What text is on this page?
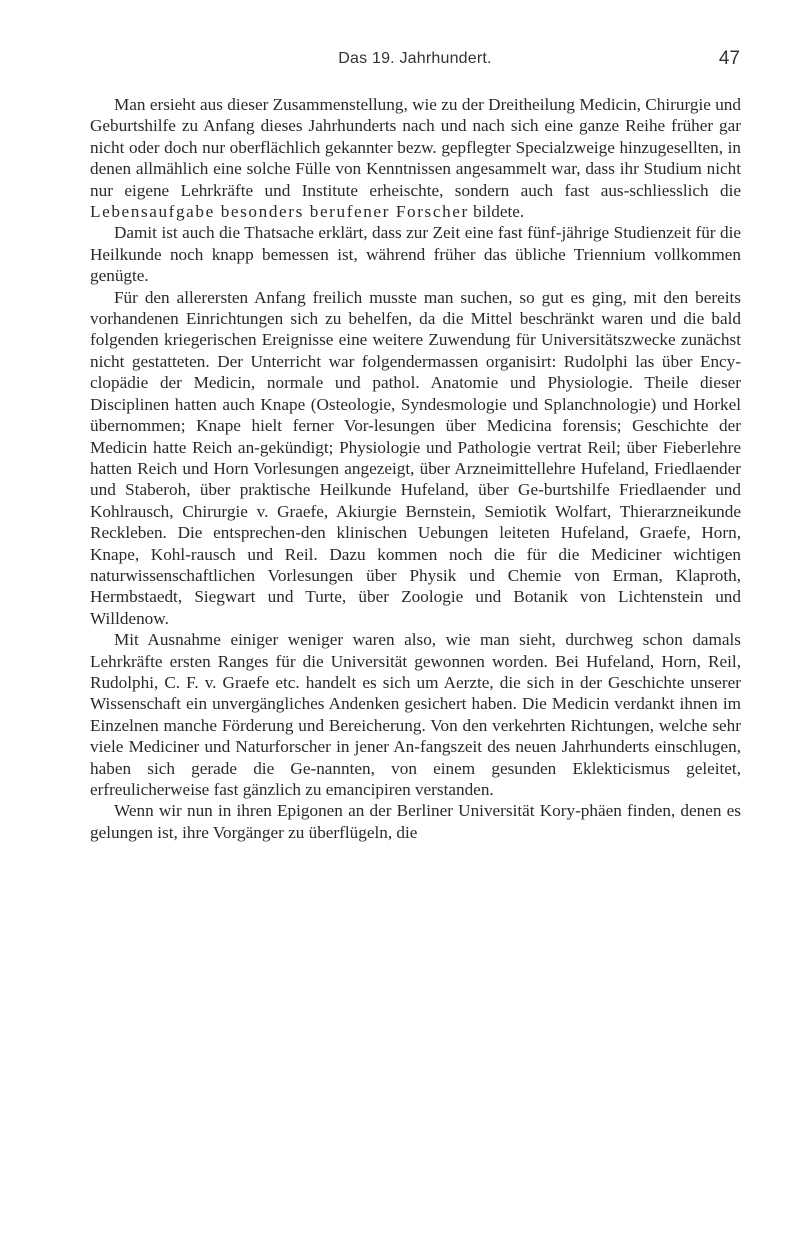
Das 19. Jahrhundert.	47

Man ersieht aus dieser Zusammenstellung, wie zu der Dreitheilung Medicin, Chirurgie und Geburtshilfe zu Anfang dieses Jahrhunderts nach und nach sich eine ganze Reihe früher gar nicht oder doch nur oberflächlich gekannter bezw. gepflegter Specialzweige hinzugesellten, in denen allmählich eine solche Fülle von Kenntnissen angesammelt war, dass ihr Studium nicht nur eigene Lehrkräfte und Institute erheischte, sondern auch fast aus-schliesslich die Lebensaufgabe besonders berufener Forscher bildete.

Damit ist auch die Thatsache erklärt, dass zur Zeit eine fast fünf-jährige Studienzeit für die Heilkunde noch knapp bemessen ist, während früher das übliche Triennium vollkommen genügte.

Für den allerersten Anfang freilich musste man suchen, so gut es ging, mit den bereits vorhandenen Einrichtungen sich zu behelfen, da die Mittel beschränkt waren und die bald folgenden kriegerischen Ereignisse eine weitere Zuwendung für Universitätszwecke zunächst nicht gestatteten. Der Unterricht war folgendermassen organisirt: Rudolphi las über Ency-clopädie der Medicin, normale und pathol. Anatomie und Physiologie. Theile dieser Disciplinen hatten auch Knape (Osteologie, Syndesmologie und Splanchnologie) und Horkel übernommen; Knape hielt ferner Vor-lesungen über Medicina forensis; Geschichte der Medicin hatte Reich an-gekündigt; Physiologie und Pathologie vertrat Reil; über Fieberlehre hatten Reich und Horn Vorlesungen angezeigt, über Arzneimittellehre Hufeland, Friedlaender und Staberoh, über praktische Heilkunde Hufeland, über Ge-burtshilfe Friedlaender und Kohlrausch, Chirurgie v. Graefe, Akiurgie Bernstein, Semiotik Wolfart, Thierarzneikunde Reckleben. Die entsprechen-den klinischen Uebungen leiteten Hufeland, Graefe, Horn, Knape, Kohl-rausch und Reil. Dazu kommen noch die für die Mediciner wichtigen naturwissenschaftlichen Vorlesungen über Physik und Chemie von Erman, Klaproth, Hermbstaedt, Siegwart und Turte, über Zoologie und Botanik von Lichtenstein und Willdenow.

Mit Ausnahme einiger weniger waren also, wie man sieht, durchweg schon damals Lehrkräfte ersten Ranges für die Universität gewonnen worden. Bei Hufeland, Horn, Reil, Rudolphi, C. F. v. Graefe etc. handelt es sich um Aerzte, die sich in der Geschichte unserer Wissenschaft ein unvergängliches Andenken gesichert haben. Die Medicin verdankt ihnen im Einzelnen manche Förderung und Bereicherung. Von den verkehrten Richtungen, welche sehr viele Mediciner und Naturforscher in jener An-fangszeit des neuen Jahrhunderts einschlugen, haben sich gerade die Ge-nannten, von einem gesunden Eklekticismus geleitet, erfreulicherweise fast gänzlich zu emancipiren verstanden.

Wenn wir nun in ihren Epigonen an der Berliner Universität Kory-phäen finden, denen es gelungen ist, ihre Vorgänger zu überflügeln, die
